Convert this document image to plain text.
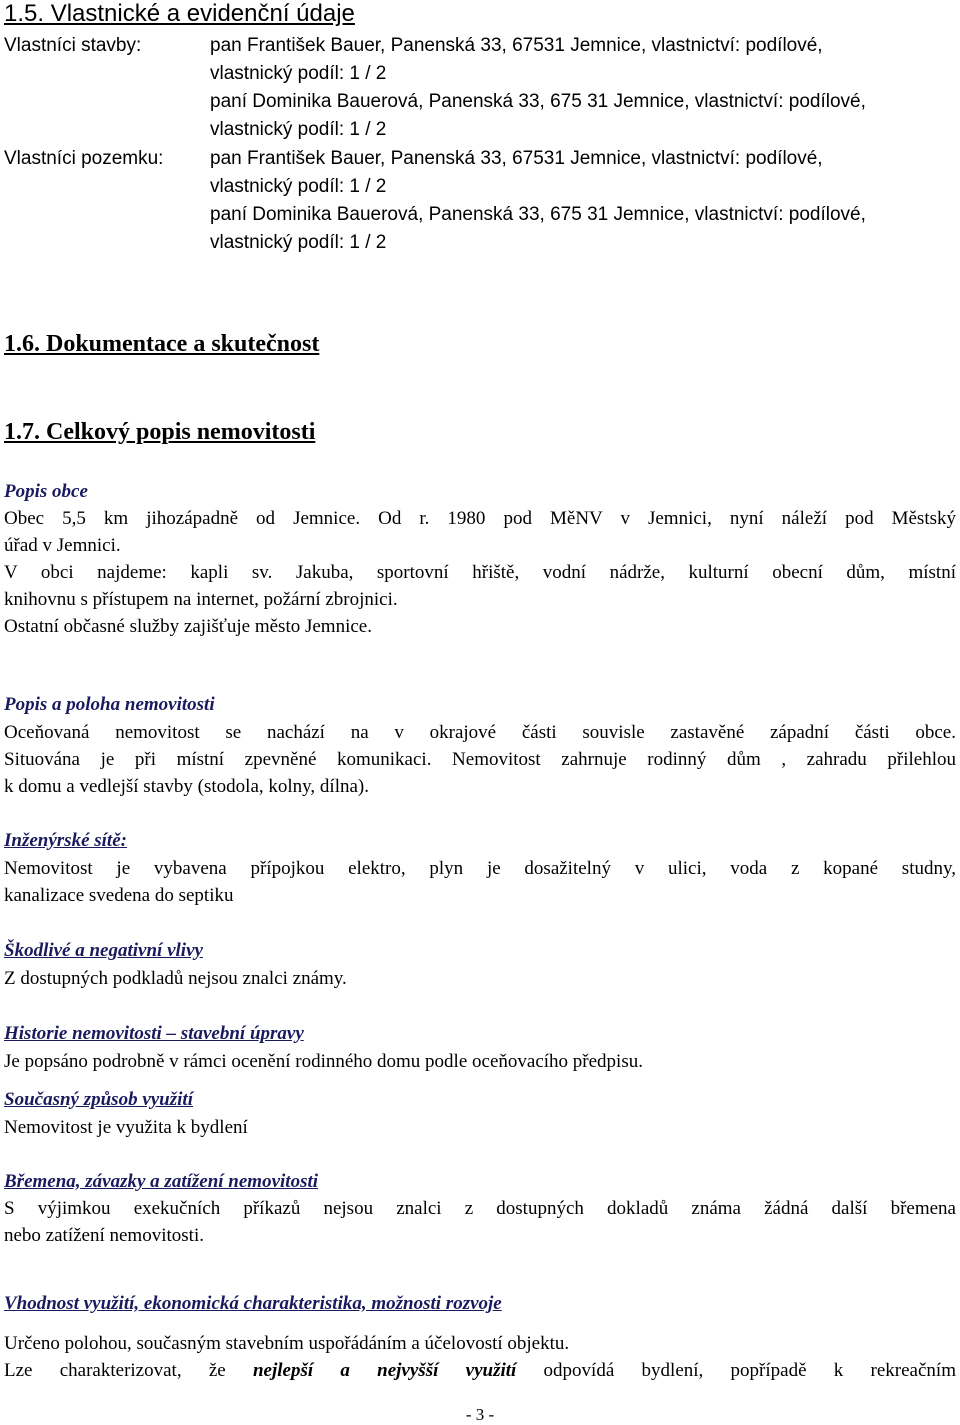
1.5. Vlastnické a evidenční údaje
Vlastníci stavby:	pan František Bauer, Panenská 33, 67531 Jemnice, vlastnictví: podílové,
vlastnický podíl: 1 / 2
paní Dominika Bauerová, Panenská 33, 675 31 Jemnice, vlastnictví: podílové,
vlastnický podíl: 1 / 2
Vlastníci pozemku: pan František Bauer, Panenská 33, 67531 Jemnice, vlastnictví: podílové,
vlastnický podíl: 1 / 2
paní Dominika Bauerová, Panenská 33, 675 31 Jemnice, vlastnictví: podílové,
vlastnický podíl: 1 / 2
1.6. Dokumentace a skutečnost
1.7. Celkový popis nemovitosti
Popis obce
Obec 5,5 km jihozápadně od Jemnice. Od r. 1980 pod MěNV v Jemnici, nyní náleží pod Městský
úřad v Jemnici.
V obci najdeme: kapli sv. Jakuba, sportovní hřiště, vodní nádrže, kulturní obecní dům, místní
knihovnu s přístupem na internet, požární zbrojnici.
Ostatní občasné služby zajišťuje město Jemnice.
Popis a poloha nemovitosti
Oceňovaná nemovitost se nachází na v okrajové části souvisle zastavěné západní části obce.
Situována je při místní zpevněné komunikaci. Nemovitost zahrnuje rodinný dům , zahradu přilehlou
k domu a vedlejší stavby (stodola, kolny, dílna).
Inženýrské sítě:
Nemovitost je vybavena přípojkou elektro, plyn je dosažitelný v ulici, voda z kopané studny,
kanalizace svedena do septiku
Škodlivé a negativní vlivy
Z dostupných podkladů nejsou znalci známy.
Historie nemovitosti – stavební úpravy
Je popsáno podrobně v rámci ocenění rodinného domu podle oceňovacího předpisu.
Současný způsob využití
Nemovitost je využita k bydlení
Břemena, závazky a zatížení nemovitosti
S výjimkou exekučních příkazů nejsou znalci z dostupných dokladů známa žádná další břemena
nebo zatížení nemovitosti.
Vhodnost využití, ekonomická charakteristika, možnosti rozvoje
Určeno polohou, současným stavebním uspořádáním a účelovostí objektu.
Lze charakterizovat, že nejlepší a nejvyšší využití odpovídá bydlení, popřípadě k rekreačním
- 3 -
